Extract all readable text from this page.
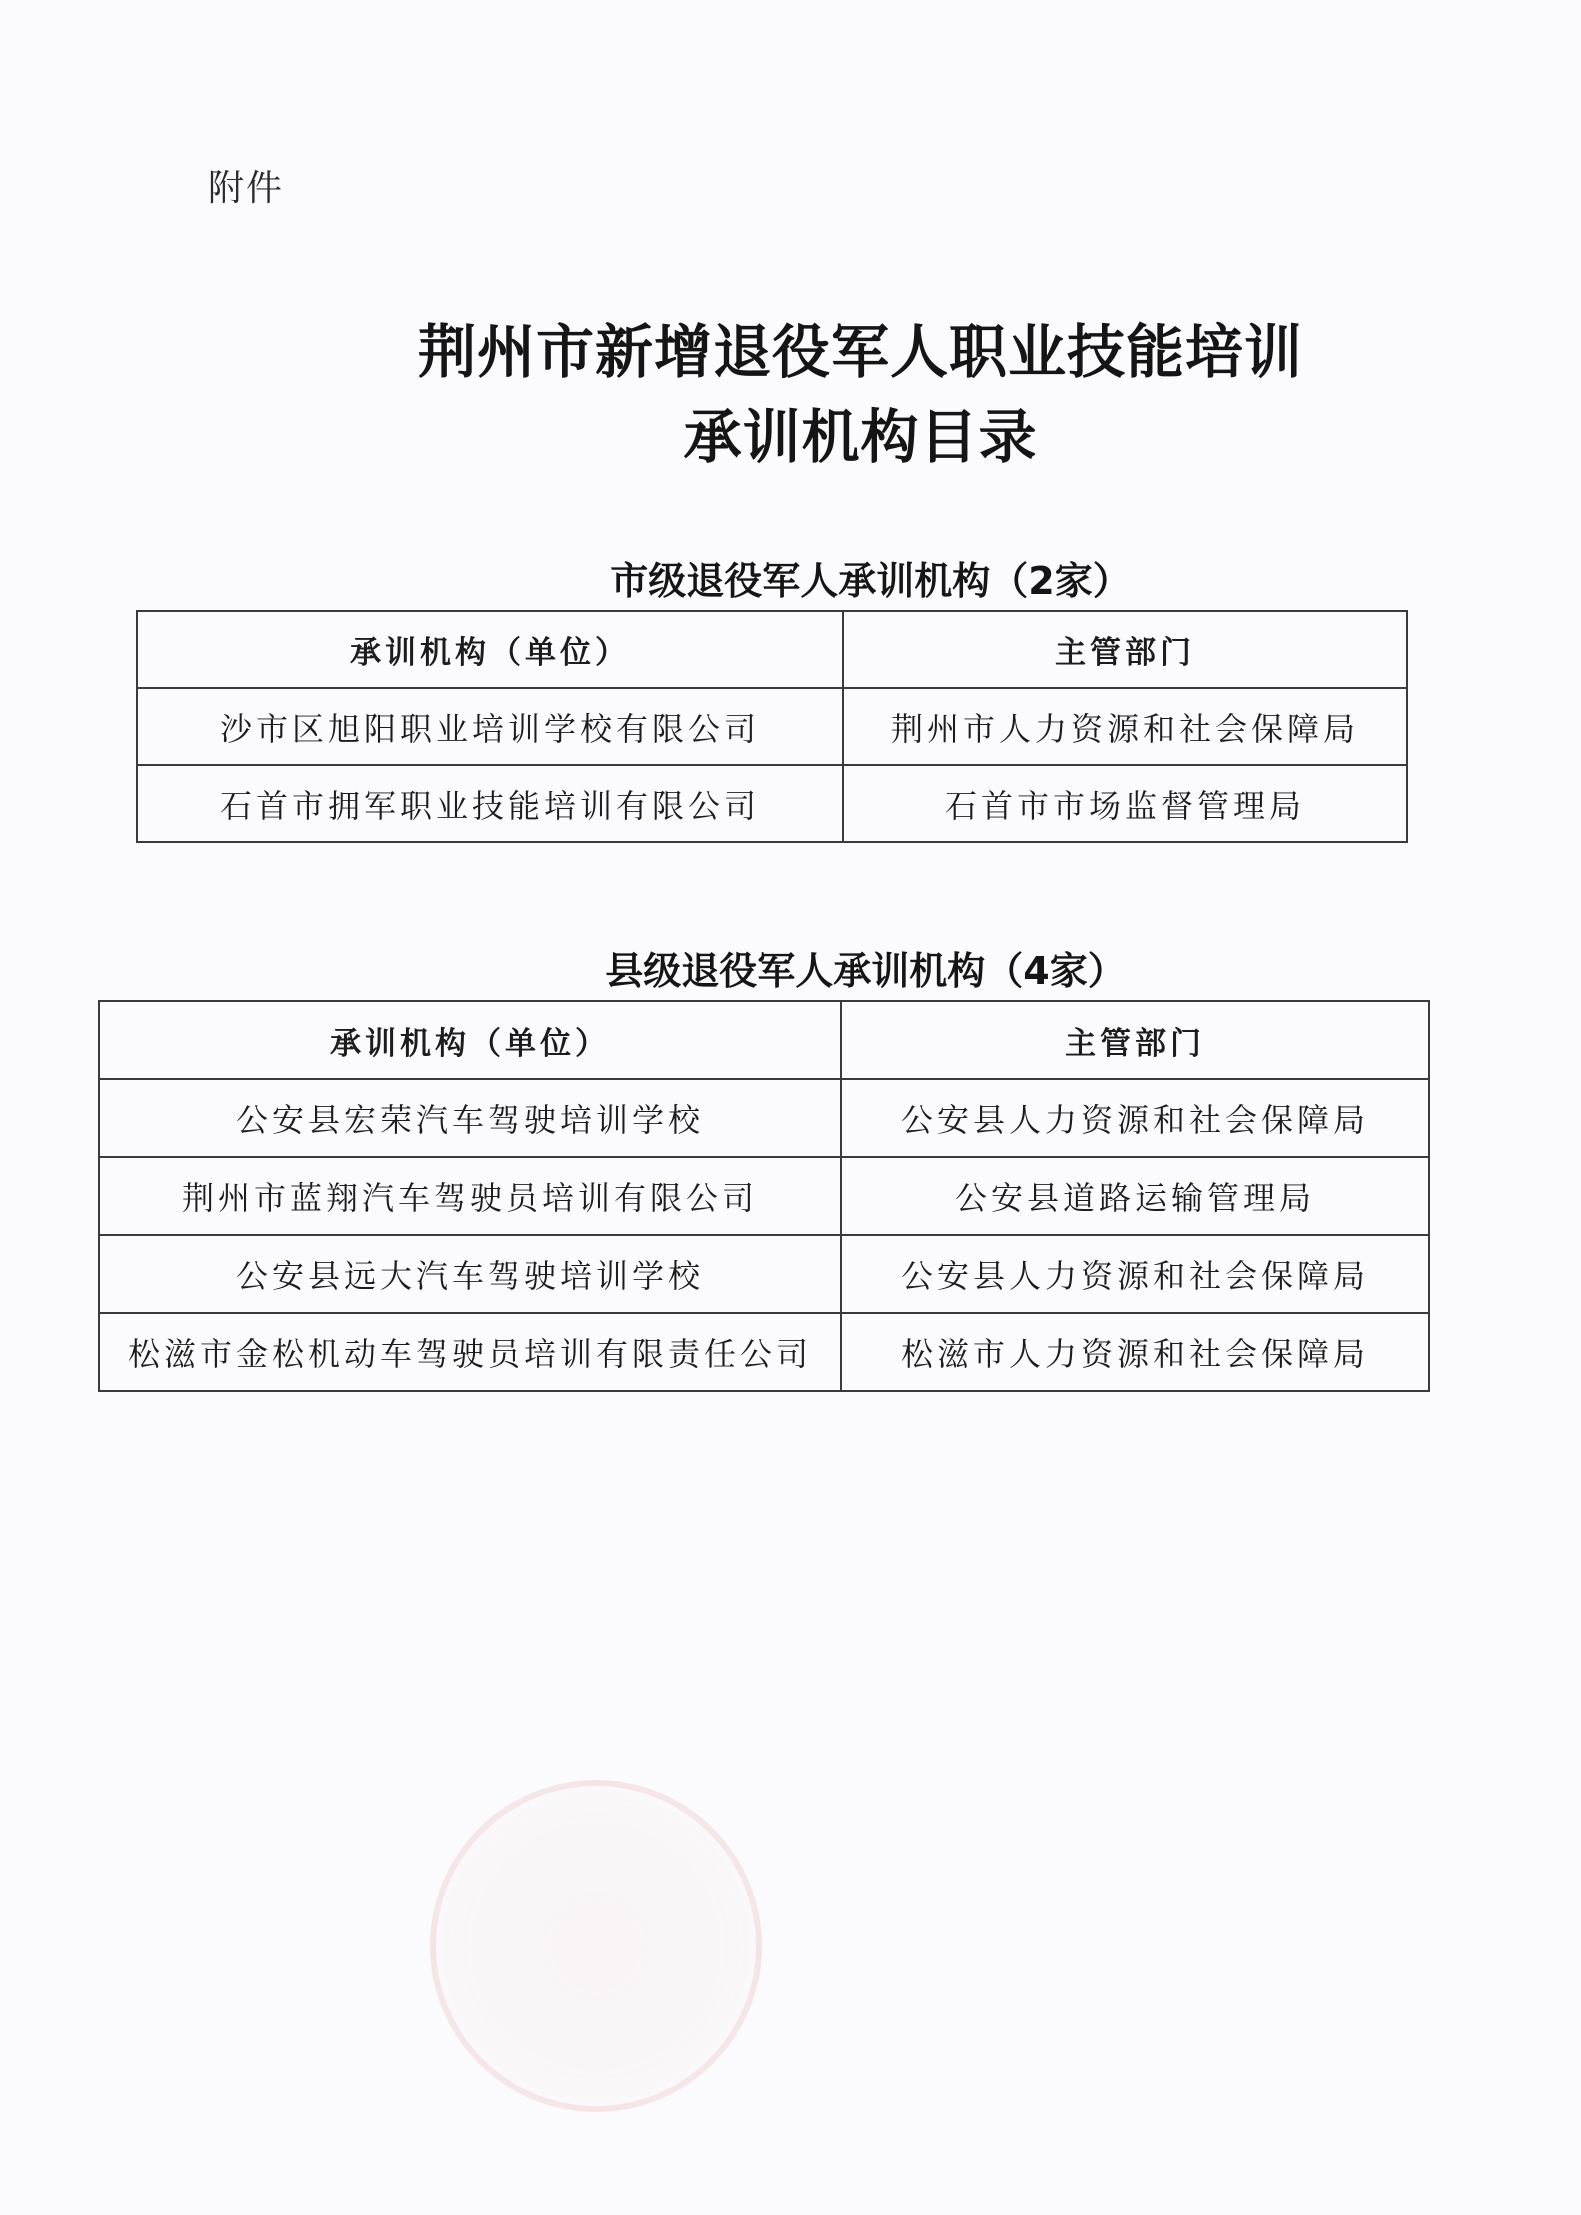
附件
荆州市新增退役军人职业技能培训
承训机构目录
市级退役军人承训机构（2家）
承训机构（单位）	主管部门
沙市区旭阳职业培训学校有限公司	荆州市人力资源和社会保障局
石首市拥军职业技能培训有限公司	石首市市场监督管理局
县级退役军人承训机构（4家）
承训机构（单位）	主管部门
公安县宏荣汽车驾驶培训学校	公安县人力资源和社会保障局
荆州市蓝翔汽车驾驶员培训有限公司	公安县道路运输管理局
公安县远大汽车驾驶培训学校	公安县人力资源和社会保障局
松滋市金松机动车驾驶员培训有限责任公司	松滋市人力资源和社会保障局
